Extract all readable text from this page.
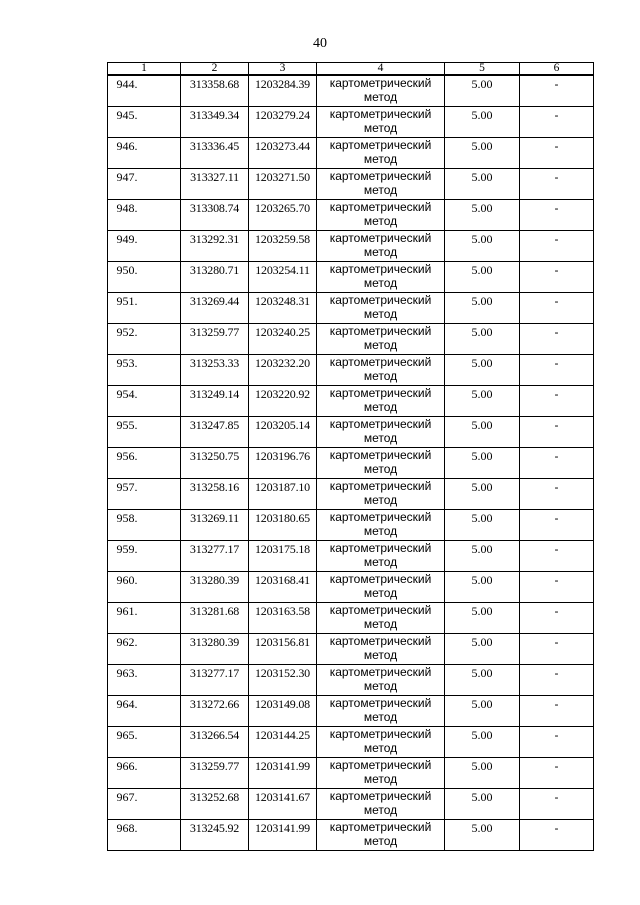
40
1	2	3	4	5	6
944.	313358.68	1203284.39	картометрический метод	5.00	-
945.	313349.34	1203279.24	картометрический метод	5.00	-
946.	313336.45	1203273.44	картометрический метод	5.00	-
947.	313327.11	1203271.50	картометрический метод	5.00	-
948.	313308.74	1203265.70	картометрический метод	5.00	-
949.	313292.31	1203259.58	картометрический метод	5.00	-
950.	313280.71	1203254.11	картометрический метод	5.00	-
951.	313269.44	1203248.31	картометрический метод	5.00	-
952.	313259.77	1203240.25	картометрический метод	5.00	-
953.	313253.33	1203232.20	картометрический метод	5.00	-
954.	313249.14	1203220.92	картометрический метод	5.00	-
955.	313247.85	1203205.14	картометрический метод	5.00	-
956.	313250.75	1203196.76	картометрический метод	5.00	-
957.	313258.16	1203187.10	картометрический метод	5.00	-
958.	313269.11	1203180.65	картометрический метод	5.00	-
959.	313277.17	1203175.18	картометрический метод	5.00	-
960.	313280.39	1203168.41	картометрический метод	5.00	-
961.	313281.68	1203163.58	картометрический метод	5.00	-
962.	313280.39	1203156.81	картометрический метод	5.00	-
963.	313277.17	1203152.30	картометрический метод	5.00	-
964.	313272.66	1203149.08	картометрический метод	5.00	-
965.	313266.54	1203144.25	картометрический метод	5.00	-
966.	313259.77	1203141.99	картометрический метод	5.00	-
967.	313252.68	1203141.67	картометрический метод	5.00	-
968.	313245.92	1203141.99	картометрический метод	5.00	-
